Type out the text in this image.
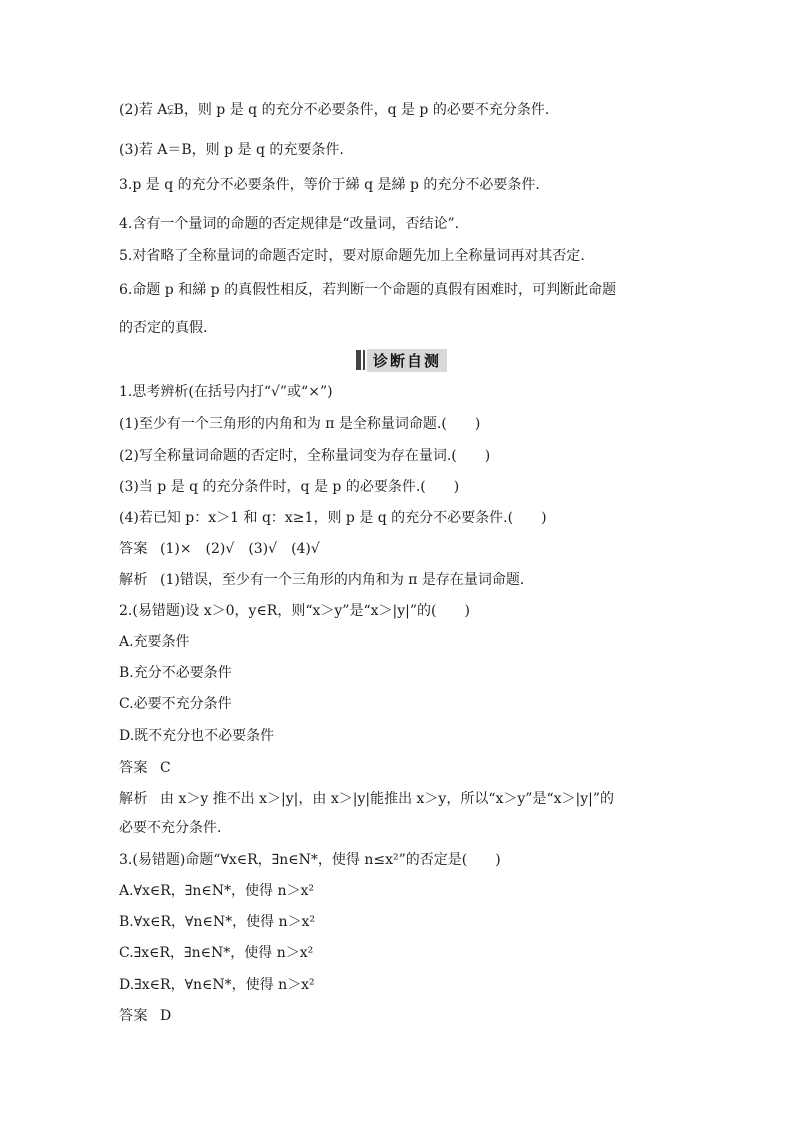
(2)若 A⫋B，则 p 是 q 的充分不必要条件，q 是 p 的必要不充分条件.
(3)若 A＝B，则 p 是 q 的充要条件.
3.p 是 q 的充分不必要条件，等价于綈 q 是綈 p 的充分不必要条件.
4.含有一个量词的命题的否定规律是“改量词，否结论”.
5.对省略了全称量词的命题否定时，要对原命题先加上全称量词再对其否定.
6.命题 p 和綈 p 的真假性相反，若判断一个命题的真假有困难时，可判断此命题
的否定的真假.
诊断自测
1.思考辨析(在括号内打“√”或“×”)
(1)至少有一个三角形的内角和为 π 是全称量词命题.(　　)
(2)写全称量词命题的否定时，全称量词变为存在量词.(　　)
(3)当 p 是 q 的充分条件时，q 是 p 的必要条件.(　　)
(4)若已知 p：x＞1 和 q：x≥1，则 p 是 q 的充分不必要条件.(　　)
答案 (1)×　(2)√　(3)√　(4)√
解析 (1)错误，至少有一个三角形的内角和为 π 是存在量词命题.
2.(易错题)设 x＞0，y∈R，则“x＞y”是“x＞|y|”的(　　)
A.充要条件
B.充分不必要条件
C.必要不充分条件
D.既不充分也不必要条件
答案 C
解析 由 x＞y 推不出 x＞|y|，由 x＞|y|能推出 x＞y，所以“x＞y”是“x＞|y|”的
必要不充分条件.
3.(易错题)命题“∀x∈R，∃n∈N*，使得 n≤x²”的否定是(　　)
A.∀x∈R，∃n∈N*，使得 n＞x²
B.∀x∈R，∀n∈N*，使得 n＞x²
C.∃x∈R，∃n∈N*，使得 n＞x²
D.∃x∈R，∀n∈N*，使得 n＞x²
答案 D
